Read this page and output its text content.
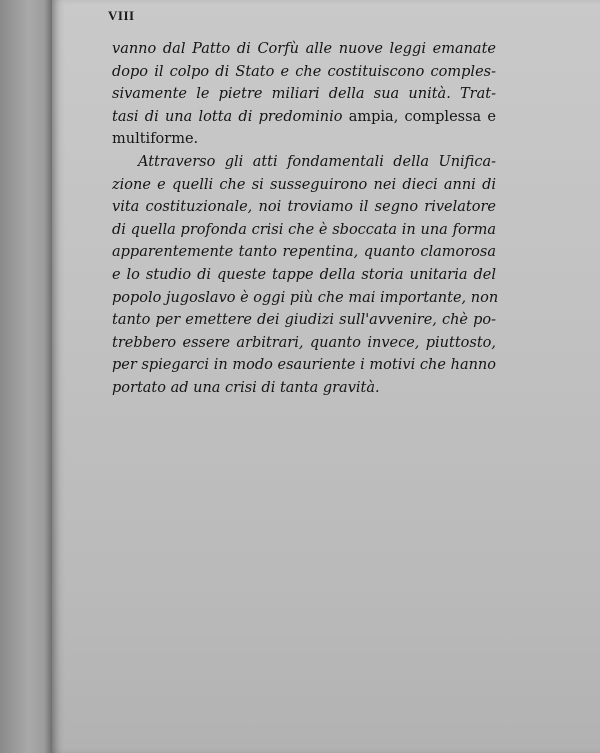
VIII
vanno dal Patto di Corfù alle nuove leggi emanate
dopo il colpo di Stato e che costituiscono comples-
sivamente le pietre miliari della sua unità. Trat-
tasi di una lotta di predominio ampia, complessa e
multiforme.
Attraverso gli atti fondamentali della Unifica-
zione e quelli che si susseguirono nei dieci anni di
vita costituzionale, noi troviamo il segno rivelatore
di quella profonda crisi che è sboccata in una forma
apparentemente tanto repentina, quanto clamorosa
e lo studio di queste tappe della storia unitaria del
popolo jugoslavo è oggi più che mai importante, non
tanto per emettere dei giudizi sull'avvenire, chè po-
trebbero essere arbitrari, quanto invece, piuttosto,
per spiegarci in modo esauriente i motivi che hanno
portato ad una crisi di tanta gravità.
